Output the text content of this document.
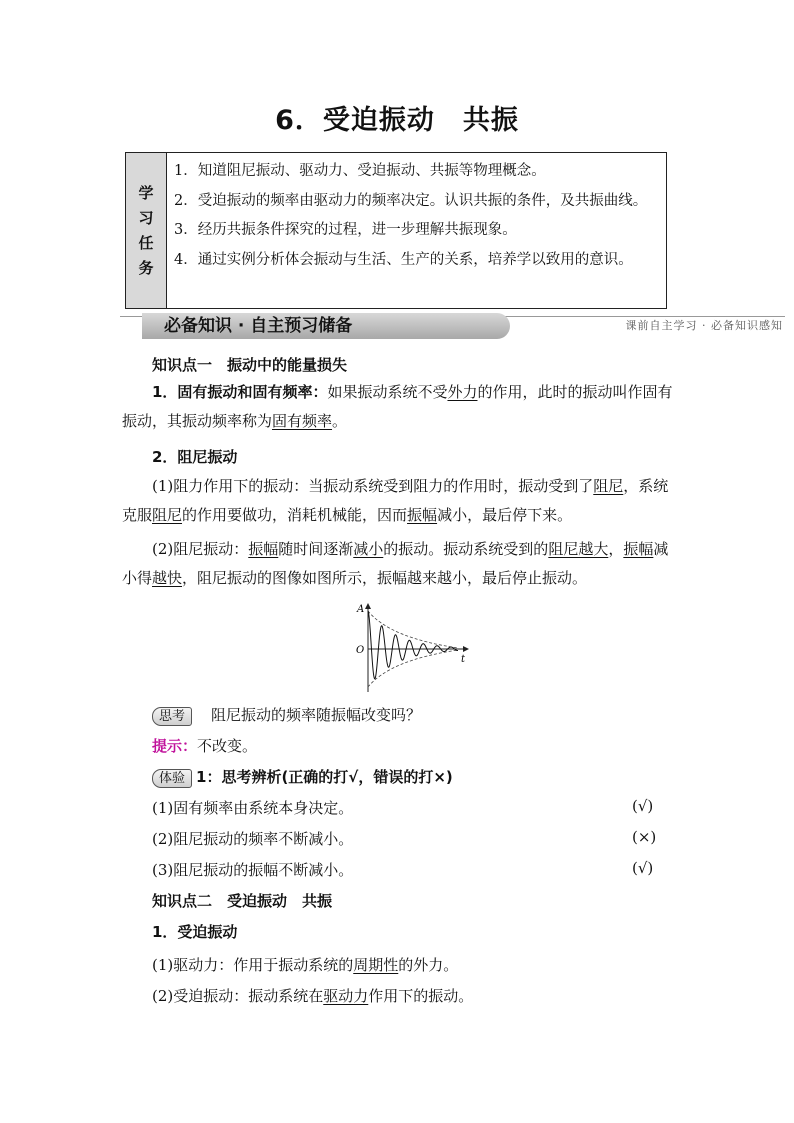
6．受迫振动　共振
学
习
任
务
1．知道阻尼振动、驱动力、受迫振动、共振等物理概念。
2．受迫振动的频率由驱动力的频率决定。认识共振的条件，及共振曲线。
3．经历共振条件探究的过程，进一步理解共振现象。
4．通过实例分析体会振动与生活、生产的关系，培养学以致用的意识。
必备知识 · 自主预习储备	课前自主学习 · 必备知识感知

知识点一　振动中的能量损失

1．固有振动和固有频率：如果振动系统不受外力的作用，此时的振动叫作固有振动，其振动频率称为固有频率。

2．阻尼振动

(1)阻力作用下的振动：当振动系统受到阻力的作用时，振动受到了阻尼，系统克服阻尼的作用要做功，消耗机械能，因而振幅减小，最后停下来。

(2)阻尼振动：振幅随时间逐渐减小的振动。振动系统受到的阻尼越大，振幅减小得越快，阻尼振动的图像如图所示，振幅越来越小，最后停止振动。

A
O
t

思考　 阻尼振动的频率随振幅改变吗？

提示：不改变。

体验 1：思考辨析(正确的打√，错误的打×)

(1)固有频率由系统本身决定。	(√)

(2)阻尼振动的频率不断减小。	(×)

(3)阻尼振动的振幅不断减小。	(√)

知识点二　受迫振动　共振

1．受迫振动

(1)驱动力：作用于振动系统的周期性的外力。

(2)受迫振动：振动系统在驱动力作用下的振动。
